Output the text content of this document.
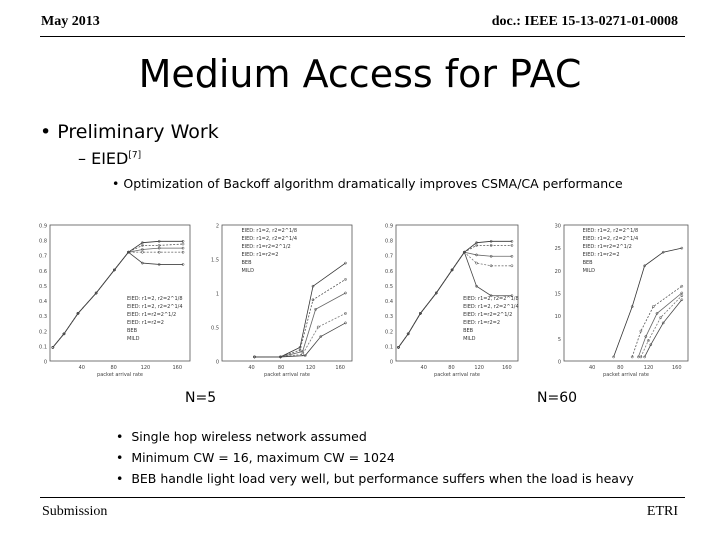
May 2013	doc.: IEEE 15-13-0271-01-0008
Medium Access for PAC
• Preliminary Work
– EIED[7]
• Optimization of Backoff algorithm dramatically improves CSMA/CA performance
0.9
0.8
0.7
0.6
0.5
0.4
0.3
0.2
0.1
0
40	80	120	160
packet arrival rate
EIED: r1=2, r2=2^1/8
EIED: r1=2, r2=2^1/4
EIED: r1=r2=2^1/2
EIED: r1=r2=2
BEB
MILD
2
1.5
1
0.5
0
40	80	120	160
packet arrival rate
EIED: r1=2, r2=2^1/8
EIED: r1=2, r2=2^1/4
EIED: r1=r2=2^1/2
EIED: r1=r2=2
BEB
MILD
0.9
0.8
0.7
0.6
0.5
0.4
0.3
0.2
0.1
0
40	80	120	160
packet arrival rate
EIED: r1=2, r2=2^1/8
EIED: r1=2, r2=2^1/4
EIED: r1=r2=2^1/2
EIED: r1=r2=2
BEB
MILD
30
25
20
15
10
5
0
40	80	120	160
packet arrival rate
EIED: r1=2, r2=2^1/8
EIED: r1=2, r2=2^1/4
EIED: r1=r2=2^1/2
EIED: r1=r2=2
BEB
MILD
N=5	N=60
•  Single hop wireless network assumed
•  Minimum CW = 16, maximum CW = 1024
•  BEB handle light load very well, but performance suffers when the load is heavy
Submission	ETRI
